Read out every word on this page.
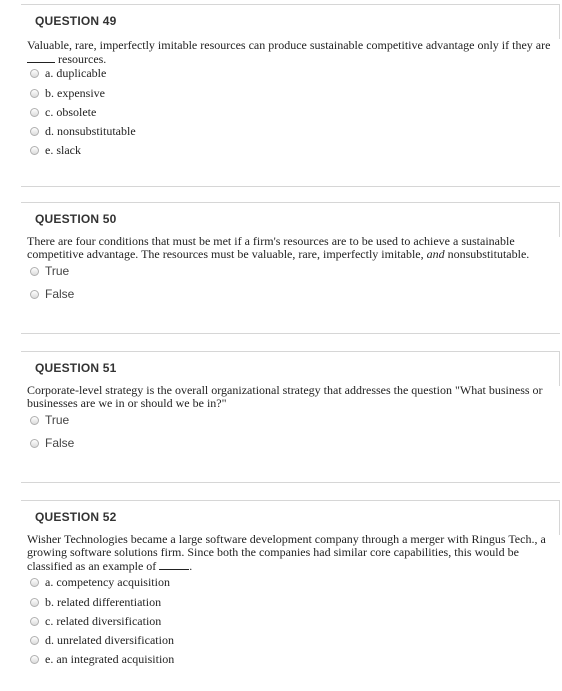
QUESTION 49
Valuable, rare, imperfectly imitable resources can produce sustainable competitive advantage only if they are
resources.
a. duplicable
b. expensive
c. obsolete
d. nonsubstitutable
e. slack
QUESTION 50
There are four conditions that must be met if a firm's resources are to be used to achieve a sustainable competitive advantage. The resources must be valuable, rare, imperfectly imitable, and nonsubstitutable.
True
False
QUESTION 51
Corporate-level strategy is the overall organizational strategy that addresses the question "What business or businesses are we in or should we be in?"
True
False
QUESTION 52
Wisher Technologies became a large software development company through a merger with Ringus Tech., a growing software solutions firm. Since both the companies had similar core capabilities, this would be classified as an example of	.
a. competency acquisition
b. related differentiation
c. related diversification
d. unrelated diversification
e. an integrated acquisition
